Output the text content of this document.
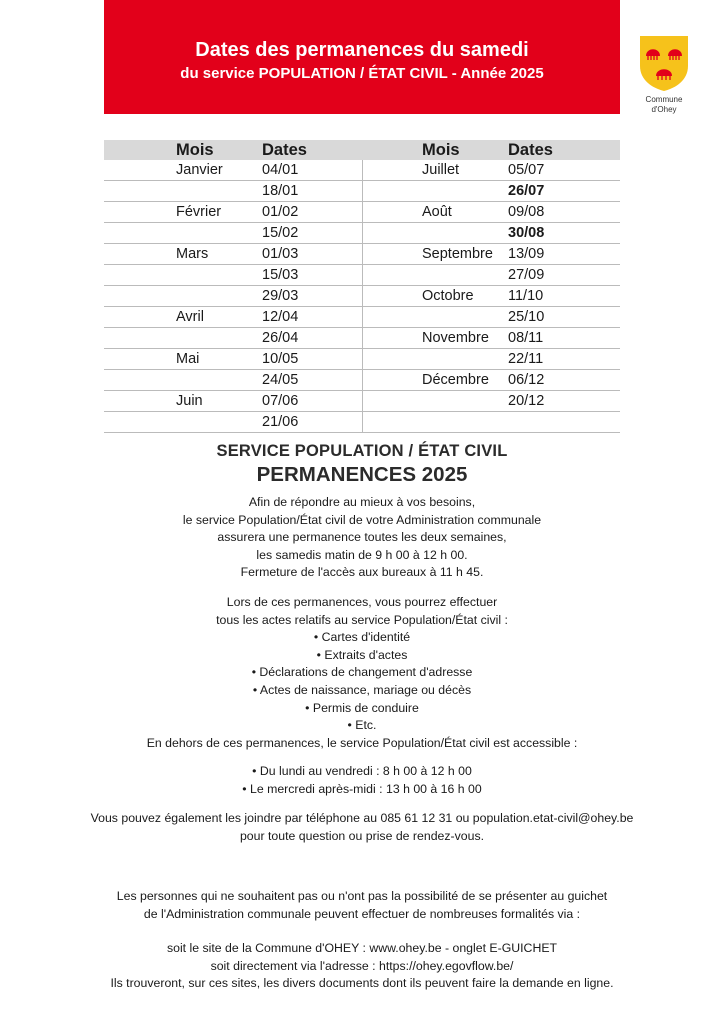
Dates des permanences du samedi
du service POPULATION / ÉTAT CIVIL - Année 2025
Commune
d'Ohey
	Mois	Dates		Mois	Dates
	Janvier	04/01		Juillet	05/07
		18/01			26/07
	Février	01/02		Août	09/08
		15/02			30/08
	Mars	01/03		Septembre	13/09
		15/03			27/09
		29/03		Octobre	11/10
	Avril	12/04			25/10
		26/04		Novembre	08/11
	Mai	10/05			22/11
		24/05		Décembre	06/12
	Juin	07/06			20/12
		21/06			
SERVICE POPULATION / ÉTAT CIVIL
PERMANENCES 2025
Afin de répondre au mieux à vos besoins,
le service Population/État civil de votre Administration communale
assurera une permanence toutes les deux semaines,
les samedis matin de 9 h 00 à 12 h 00.
Fermeture de l'accès aux bureaux à 11 h 45.
Lors de ces permanences, vous pourrez effectuer
tous les actes relatifs au service Population/État civil :
• Cartes d'identité
• Extraits d'actes
• Déclarations de changement d'adresse
• Actes de naissance, mariage ou décès
• Permis de conduire
• Etc.
En dehors de ces permanences, le service Population/État civil est accessible :
• Du lundi au vendredi : 8 h 00 à 12 h 00
• Le mercredi après-midi : 13 h 00 à 16 h 00
Vous pouvez également les joindre par téléphone au 085 61 12 31 ou population.etat-civil@ohey.be
pour toute question ou prise de rendez-vous.
Les personnes qui ne souhaitent pas ou n'ont pas la possibilité de se présenter au guichet
de l'Administration communale peuvent effectuer de nombreuses formalités via :
soit le site de la Commune d'OHEY : www.ohey.be - onglet E-GUICHET
soit directement via l'adresse : https://ohey.egovflow.be/
Ils trouveront, sur ces sites, les divers documents dont ils peuvent faire la demande en ligne.
